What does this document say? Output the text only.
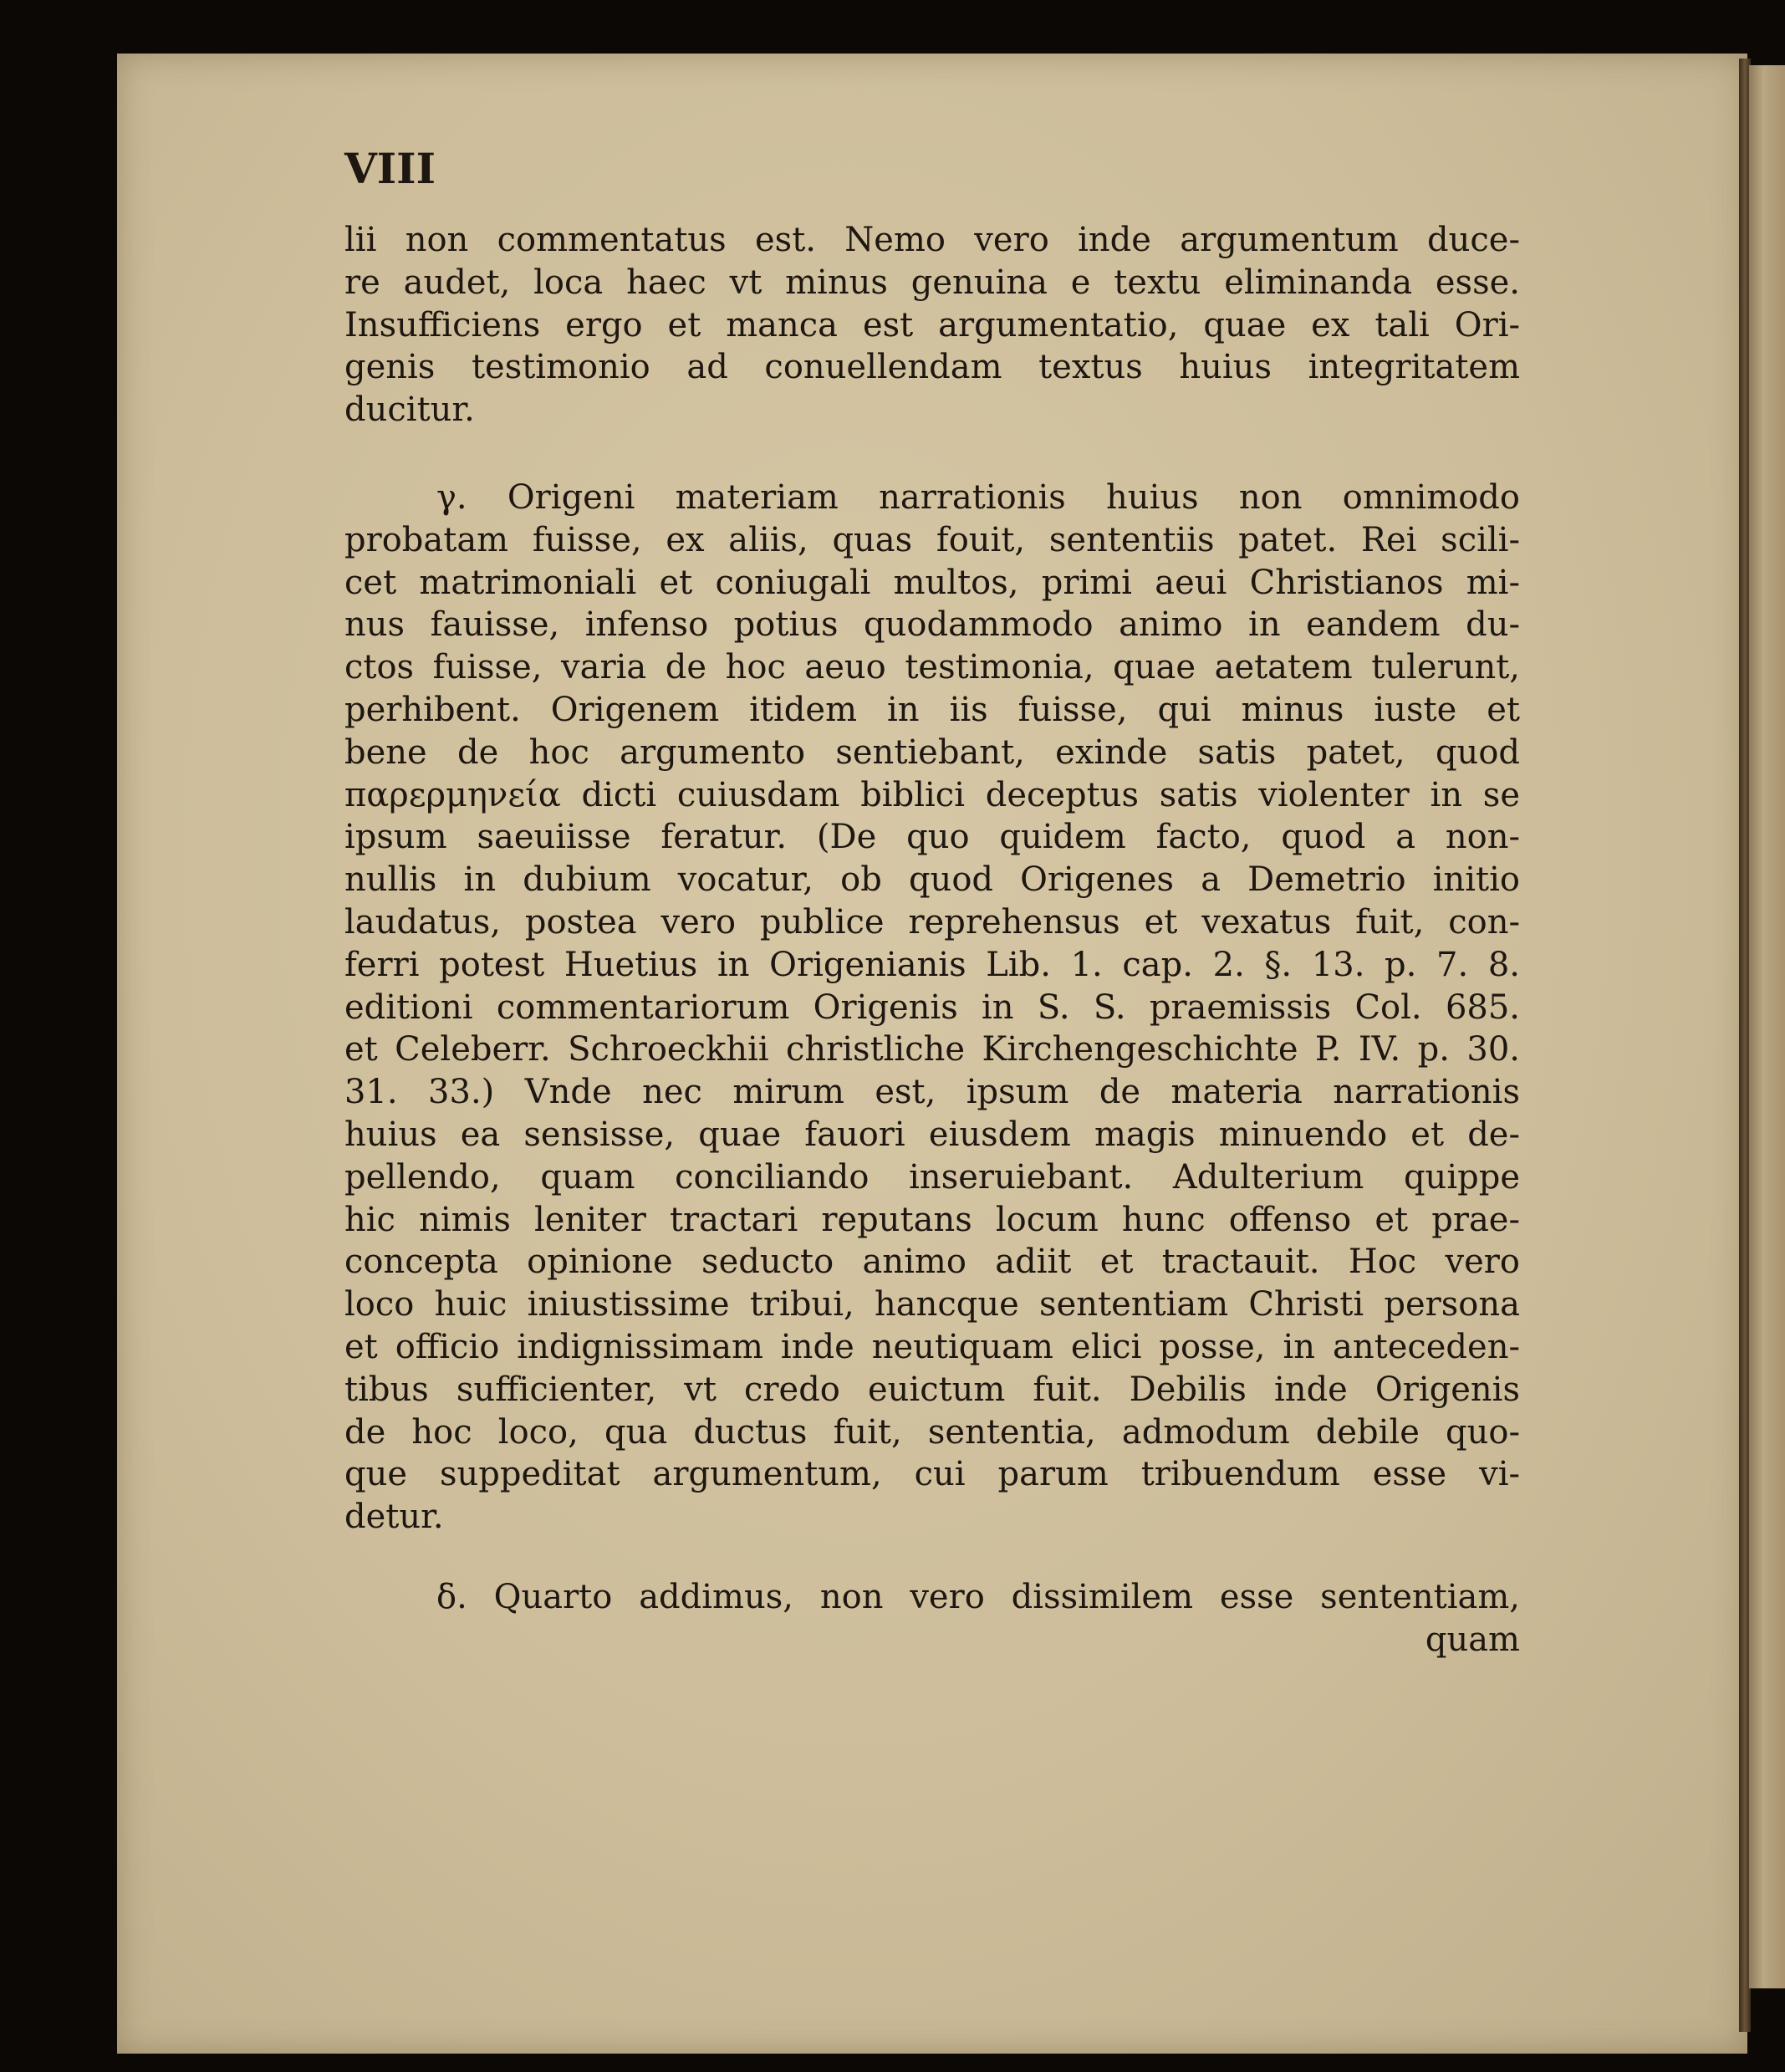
VIII
lii non commentatus est. Nemo vero inde argumentum duce-
re audet, loca haec vt minus genuina e textu eliminanda esse.
Insufficiens ergo et manca est argumentatio, quae ex tali Ori-
genis testimonio ad conuellendam textus huius integritatem
ducitur.
γ. Origeni materiam narrationis huius non omnimodo
probatam fuisse, ex aliis, quas fouit, sententiis patet. Rei scili-
cet matrimoniali et coniugali multos, primi aeui Christianos mi-
nus fauisse, infenso potius quodammodo animo in eandem du-
ctos fuisse, varia de hoc aeuo testimonia, quae aetatem tulerunt,
perhibent. Origenem itidem in iis fuisse, qui minus iuste et
bene de hoc argumento sentiebant, exinde satis patet, quod
παρερμηνεία dicti cuiusdam biblici deceptus satis violenter in se
ipsum saeuiisse feratur. (De quo quidem facto, quod a non-
nullis in dubium vocatur, ob quod Origenes a Demetrio initio
laudatus, postea vero publice reprehensus et vexatus fuit, con-
ferri potest Huetius in Origenianis Lib. 1. cap. 2. §. 13. p. 7. 8.
editioni commentariorum Origenis in S. S. praemissis Col. 685.
et Celeberr. Schroeckhii christliche Kirchengeschichte P. IV. p. 30.
31. 33.) Vnde nec mirum est, ipsum de materia narrationis
huius ea sensisse, quae fauori eiusdem magis minuendo et de-
pellendo, quam conciliando inseruiebant. Adulterium quippe
hic nimis leniter tractari reputans locum hunc offenso et prae-
concepta opinione seducto animo adiit et tractauit. Hoc vero
loco huic iniustissime tribui, hancque sententiam Christi persona
et officio indignissimam inde neutiquam elici posse, in anteceden-
tibus sufficienter, vt credo euictum fuit. Debilis inde Origenis
de hoc loco, qua ductus fuit, sententia, admodum debile quo-
que suppeditat argumentum, cui parum tribuendum esse vi-
detur.
δ. Quarto addimus, non vero dissimilem esse sententiam,
quam
